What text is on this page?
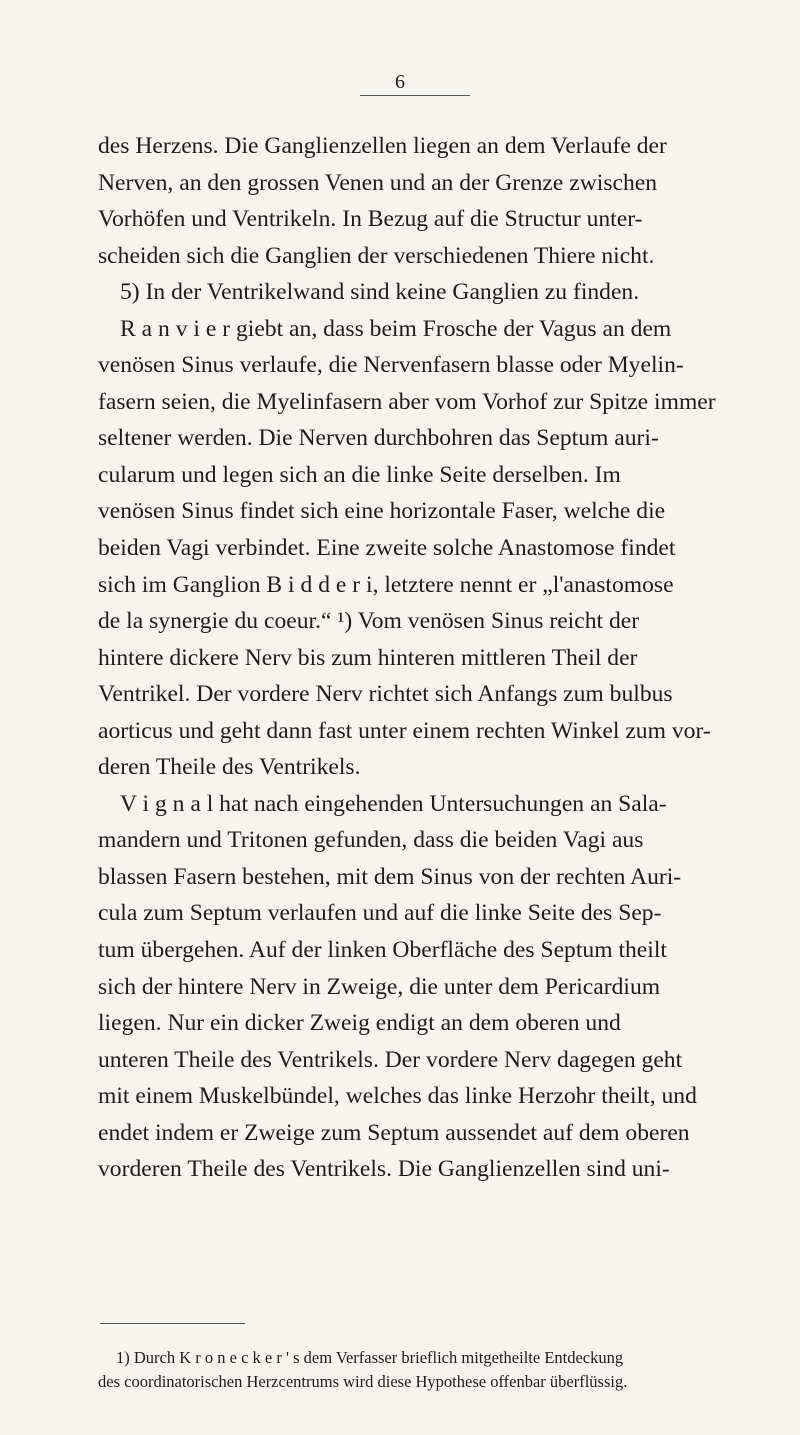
6
des Herzens. Die Ganglienzellen liegen an dem Verlaufe der
Nerven, an den grossen Venen und an der Grenze zwischen
Vorhöfen und Ventrikeln. In Bezug auf die Structur unter-
scheiden sich die Ganglien der verschiedenen Thiere nicht.
5) In der Ventrikelwand sind keine Ganglien zu finden.
R a n v i e r giebt an, dass beim Frosche der Vagus an dem
venösen Sinus verlaufe, die Nervenfasern blasse oder Myelin-
fasern seien, die Myelinfasern aber vom Vorhof zur Spitze immer
seltener werden. Die Nerven durchbohren das Septum auri-
cularum und legen sich an die linke Seite derselben. Im
venösen Sinus findet sich eine horizontale Faser, welche die
beiden Vagi verbindet. Eine zweite solche Anastomose findet
sich im Ganglion B i d d e r i, letztere nennt er „l'anastomose
de la synergie du coeur.“ ¹) Vom venösen Sinus reicht der
hintere dickere Nerv bis zum hinteren mittleren Theil der
Ventrikel. Der vordere Nerv richtet sich Anfangs zum bulbus
aorticus und geht dann fast unter einem rechten Winkel zum vor-
deren Theile des Ventrikels.
V i g n a l hat nach eingehenden Untersuchungen an Sala-
mandern und Tritonen gefunden, dass die beiden Vagi aus
blassen Fasern bestehen, mit dem Sinus von der rechten Auri-
cula zum Septum verlaufen und auf die linke Seite des Sep-
tum übergehen. Auf der linken Oberfläche des Septum theilt
sich der hintere Nerv in Zweige, die unter dem Pericardium
liegen. Nur ein dicker Zweig endigt an dem oberen und
unteren Theile des Ventrikels. Der vordere Nerv dagegen geht
mit einem Muskelbündel, welches das linke Herzohr theilt, und
endet indem er Zweige zum Septum aussendet auf dem oberen
vorderen Theile des Ventrikels. Die Ganglienzellen sind uni-
1) Durch K r o n e c k e r ' s dem Verfasser brieflich mitgetheilte Entdeckung
des coordinatorischen Herzcentrums wird diese Hypothese offenbar überflüssig.
